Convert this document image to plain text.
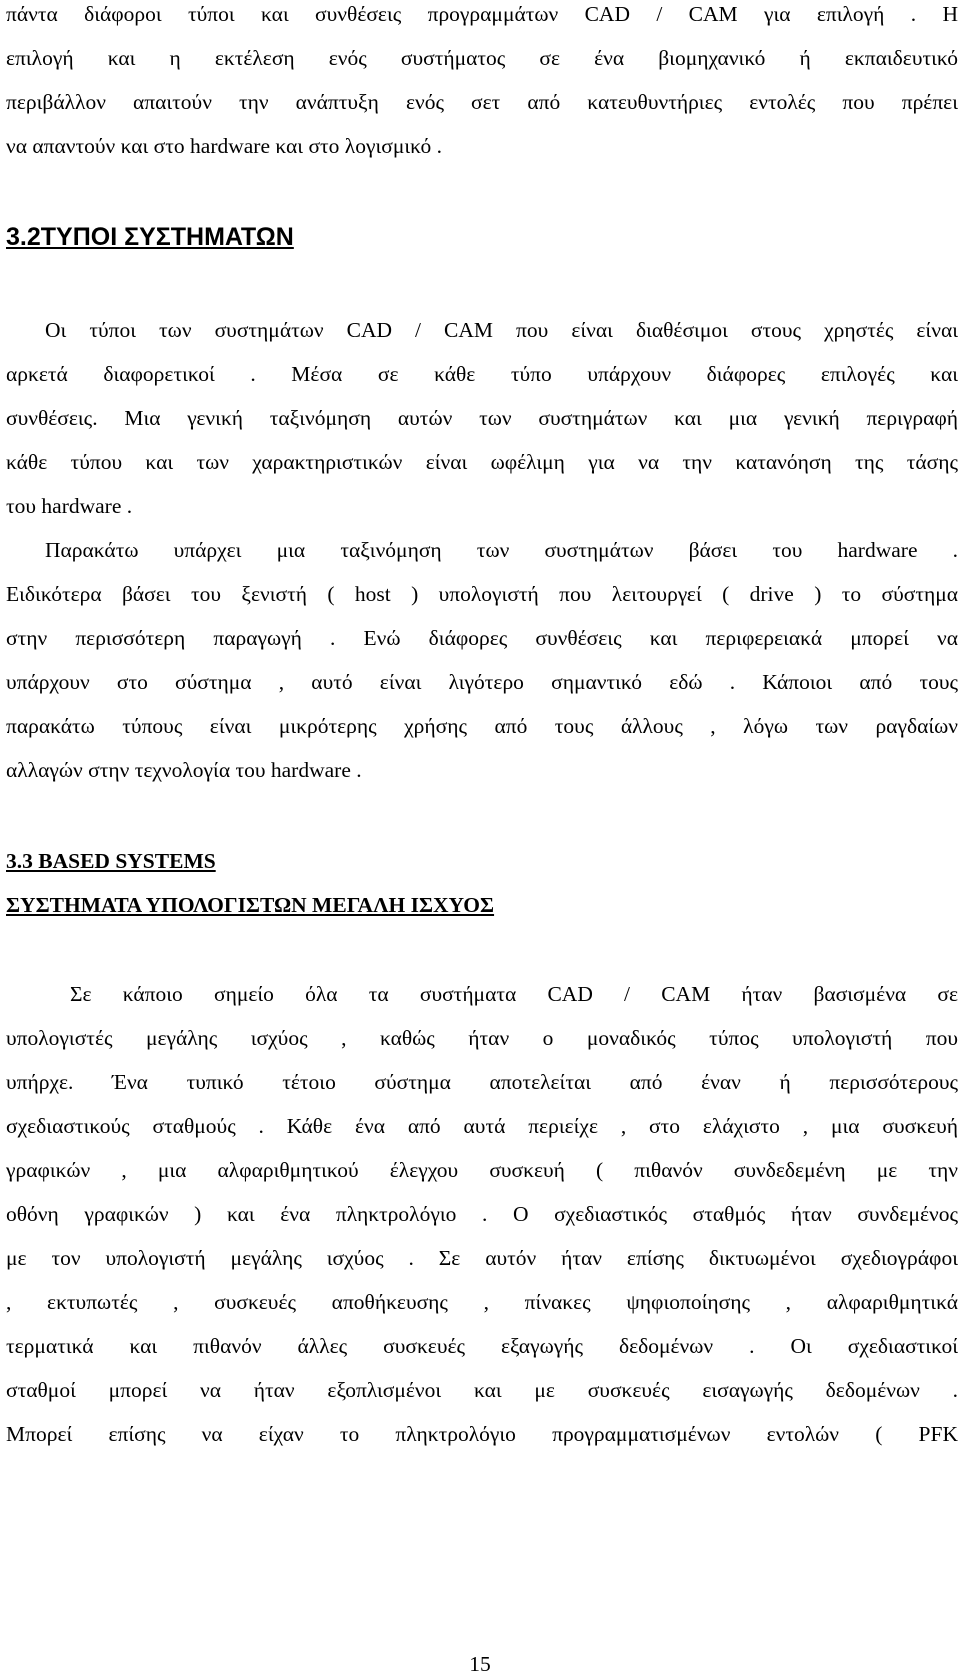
πάντα διάφοροι τύποι και συνθέσεις προγραμμάτων CAD / CAM για επιλογή . Η
επιλογή και η εκτέλεση ενός συστήματος σε ένα βιομηχανικό ή εκπαιδευτικό
περιβάλλον απαιτούν την ανάπτυξη ενός σετ από κατευθυντήριες εντολές που πρέπει
να απαντούν και στο hardware και στο λογισμικό .
3.2ΤΥΠΟΙ ΣΥΣΤΗΜΑΤΩΝ
Οι τύποι των συστημάτων CAD / CAM που είναι διαθέσιμοι στους χρηστές είναι
αρκετά διαφορετικοί . Μέσα σε κάθε τύπο υπάρχουν διάφορες επιλογές και
συνθέσεις. Μια γενική ταξινόμηση αυτών των συστημάτων και μια γενική περιγραφή
κάθε τύπου και των χαρακτηριστικών είναι ωφέλιμη για να την κατανόηση της τάσης
του hardware .
Παρακάτω υπάρχει μια ταξινόμηση των συστημάτων βάσει του hardware .
Ειδικότερα βάσει του ξενιστή ( host ) υπολογιστή που λειτουργεί ( drive ) το σύστημα
στην περισσότερη παραγωγή . Ενώ διάφορες συνθέσεις και περιφερειακά μπορεί να
υπάρχουν στο σύστημα , αυτό είναι λιγότερο σημαντικό εδώ . Κάποιοι από τους
παρακάτω τύπους είναι μικρότερης χρήσης από τους άλλους , λόγω των ραγδαίων
αλλαγών στην τεχνολογία του hardware .
3.3 BASED SYSTEMS
ΣΥΣΤΗΜΑΤΑ ΥΠΟΛΟΓΙΣΤΩΝ ΜΕΓΑΛΗ ΙΣΧΥΟΣ
Σε κάποιο σημείο όλα τα συστήματα CAD / CAM ήταν βασισμένα σε
υπολογιστές μεγάλης ισχύος , καθώς ήταν ο μοναδικός τύπος υπολογιστή που
υπήρχε. Ένα τυπικό τέτοιο σύστημα αποτελείται από έναν ή περισσότερους
σχεδιαστικούς σταθμούς . Κάθε ένα από αυτά περιείχε , στο ελάχιστο , μια συσκευή
γραφικών , μια αλφαριθμητικού έλεγχου συσκευή ( πιθανόν συνδεδεμένη με την
οθόνη γραφικών ) και ένα πληκτρολόγιο . Ο σχεδιαστικός σταθμός ήταν συνδεμένος
με τον υπολογιστή μεγάλης ισχύος . Σε αυτόν ήταν επίσης δικτυωμένοι σχεδιογράφοι
, εκτυπωτές , συσκευές αποθήκευσης , πίνακες ψηφιοποίησης , αλφαριθμητικά
τερματικά και πιθανόν άλλες συσκευές εξαγωγής δεδομένων . Οι σχεδιαστικοί
σταθμοί μπορεί να ήταν εξοπλισμένοι και με συσκευές εισαγωγής δεδομένων .
Μπορεί επίσης να είχαν το πληκτρολόγιο προγραμματισμένων εντολών ( PFK
15
